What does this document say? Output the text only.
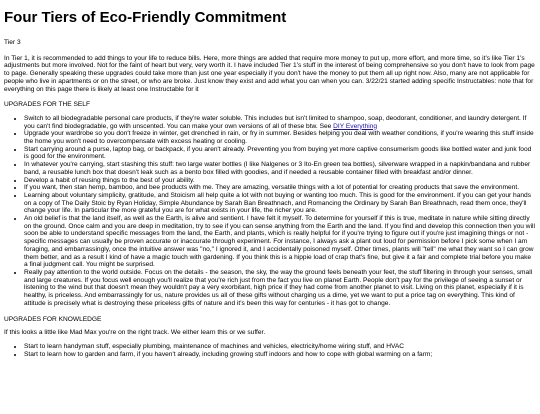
Four Tiers of Eco-Friendly Commitment

Tier 3

In Tier 1, it is recommended to add things to your life to reduce bills. Here, more things are added that require more money to put up, more effort, and more time, so it's like Tier 1's adjustments but more involved. Not for the faint of heart but very, very worth it. I have included Tier 1's stuff in the interest of being comprehensive so you don't have to look from page to page. Generally speaking these upgrades could take more than just one year especially if you don't have the money to put them all up right now. Also, many are not applicable for people who live in apartments or on the street, or who are broke. Just know they exist and add what you can when you can. 3/22/21 started adding specific Instructables: note that for everything on this page there is likely at least one Instructable for it

UPGRADES FOR THE SELF

• Switch to all biodegradable personal care products, if they're water soluble. This includes but isn't limited to shampoo, soap, deodorant, conditioner, and laundry detergent. If you can't find biodegradable, go with unscented. You can make your own versions of all of these btw. See DIY Everything
• Upgrade your wardrobe so you don't freeze in winter, get drenched in rain, or fry in summer. Besides helping you deal with weather conditions, if you're wearing this stuff inside the home you won't need to overcompensate with excess heating or cooling.
• Start carrying around a purse, laptop bag, or backpack, if you aren't already. Preventing you from buying yet more captive consumerism goods like bottled water and junk food is good for the environment.
• In whatever you're carrying, start stashing this stuff: two large water bottles (I like Nalgenes or 3 Ito-En green tea bottles), silverware wrapped in a napkin/bandana and rubber band, a reusable lunch box that doesn't leak such as a bento box filled with goodies, and if needed a reusable container filled with breakfast and/or dinner.
• Develop a habit of reusing things to the best of your ability.
• If you want, then stan hemp, bamboo, and bee products with me. They are amazing, versatile things with a lot of potential for creating products that save the environment.
• Learning about voluntary simplicity, gratitude, and Stoicism all help quite a lot with not buying or wanting too much. This is good for the environment. If you can get your hands on a copy of The Daily Stoic by Ryan Holiday, Simple Abundance by Sarah Ban Breathnach, and Romancing the Ordinary by Sarah Ban Breathnach, read them once, they'll change your life. In particular the more grateful you are for what exists in your life, the richer you are.
• An old belief is that the land itself, as well as the Earth, is alive and sentient. I have felt it myself. To determine for yourself if this is true, meditate in nature while sitting directly on the ground. Once calm and you are deep in meditation, try to see if you can sense anything from the Earth and the land. If you find and develop this connection then you will soon be able to understand specific messages from the land, the Earth, and plants, which is really helpful for if you're trying to figure out if you're just imagining things or not - specific messages can usually be proven accurate or inaccurate through experiment. For instance, I always ask a plant out loud for permission before I pick some when I am foraging, and embarrassingly, once the intuitive answer was "no," I ignored it, and I accidentally poisoned myself. Other times, plants will "tell" me what they want so I can grow them better, and as a result I kind of have a magic touch with gardening. If you think this is a hippie load of crap that's fine, but give it a fair and complete trial before you make a final judgment call. You might be surprised.
• Really pay attention to the world outside. Focus on the details - the season, the sky, the way the ground feels beneath your feet, the stuff filtering in through your senses, small and large creatures. If you focus well enough you'll realize that you're rich just from the fact you live on planet Earth. People don't pay for the privilege of seeing a sunset or listening to the wind but that doesn't mean they wouldn't pay a very exorbitant, high price if they had come from another planet to visit. Living on this planet, especially if it is healthy, is priceless. And embarrassingly for us, nature provides us all of these gifts without charging us a dime, yet we want to put a price tag on everything. This kind of attitude is precisely what is destroying these priceless gifts of nature and it's been this way for centuries - it has got to change.

UPGRADES FOR KNOWLEDGE

If this looks a little like Mad Max you're on the right track. We either learn this or we suffer.

• Start to learn handyman stuff, especially plumbing, maintenance of machines and vehicles, electricity/home wiring stuff, and HVAC
• Start to learn how to garden and farm, if you haven't already, including growing stuff indoors and how to cope with global warming on a farm;
